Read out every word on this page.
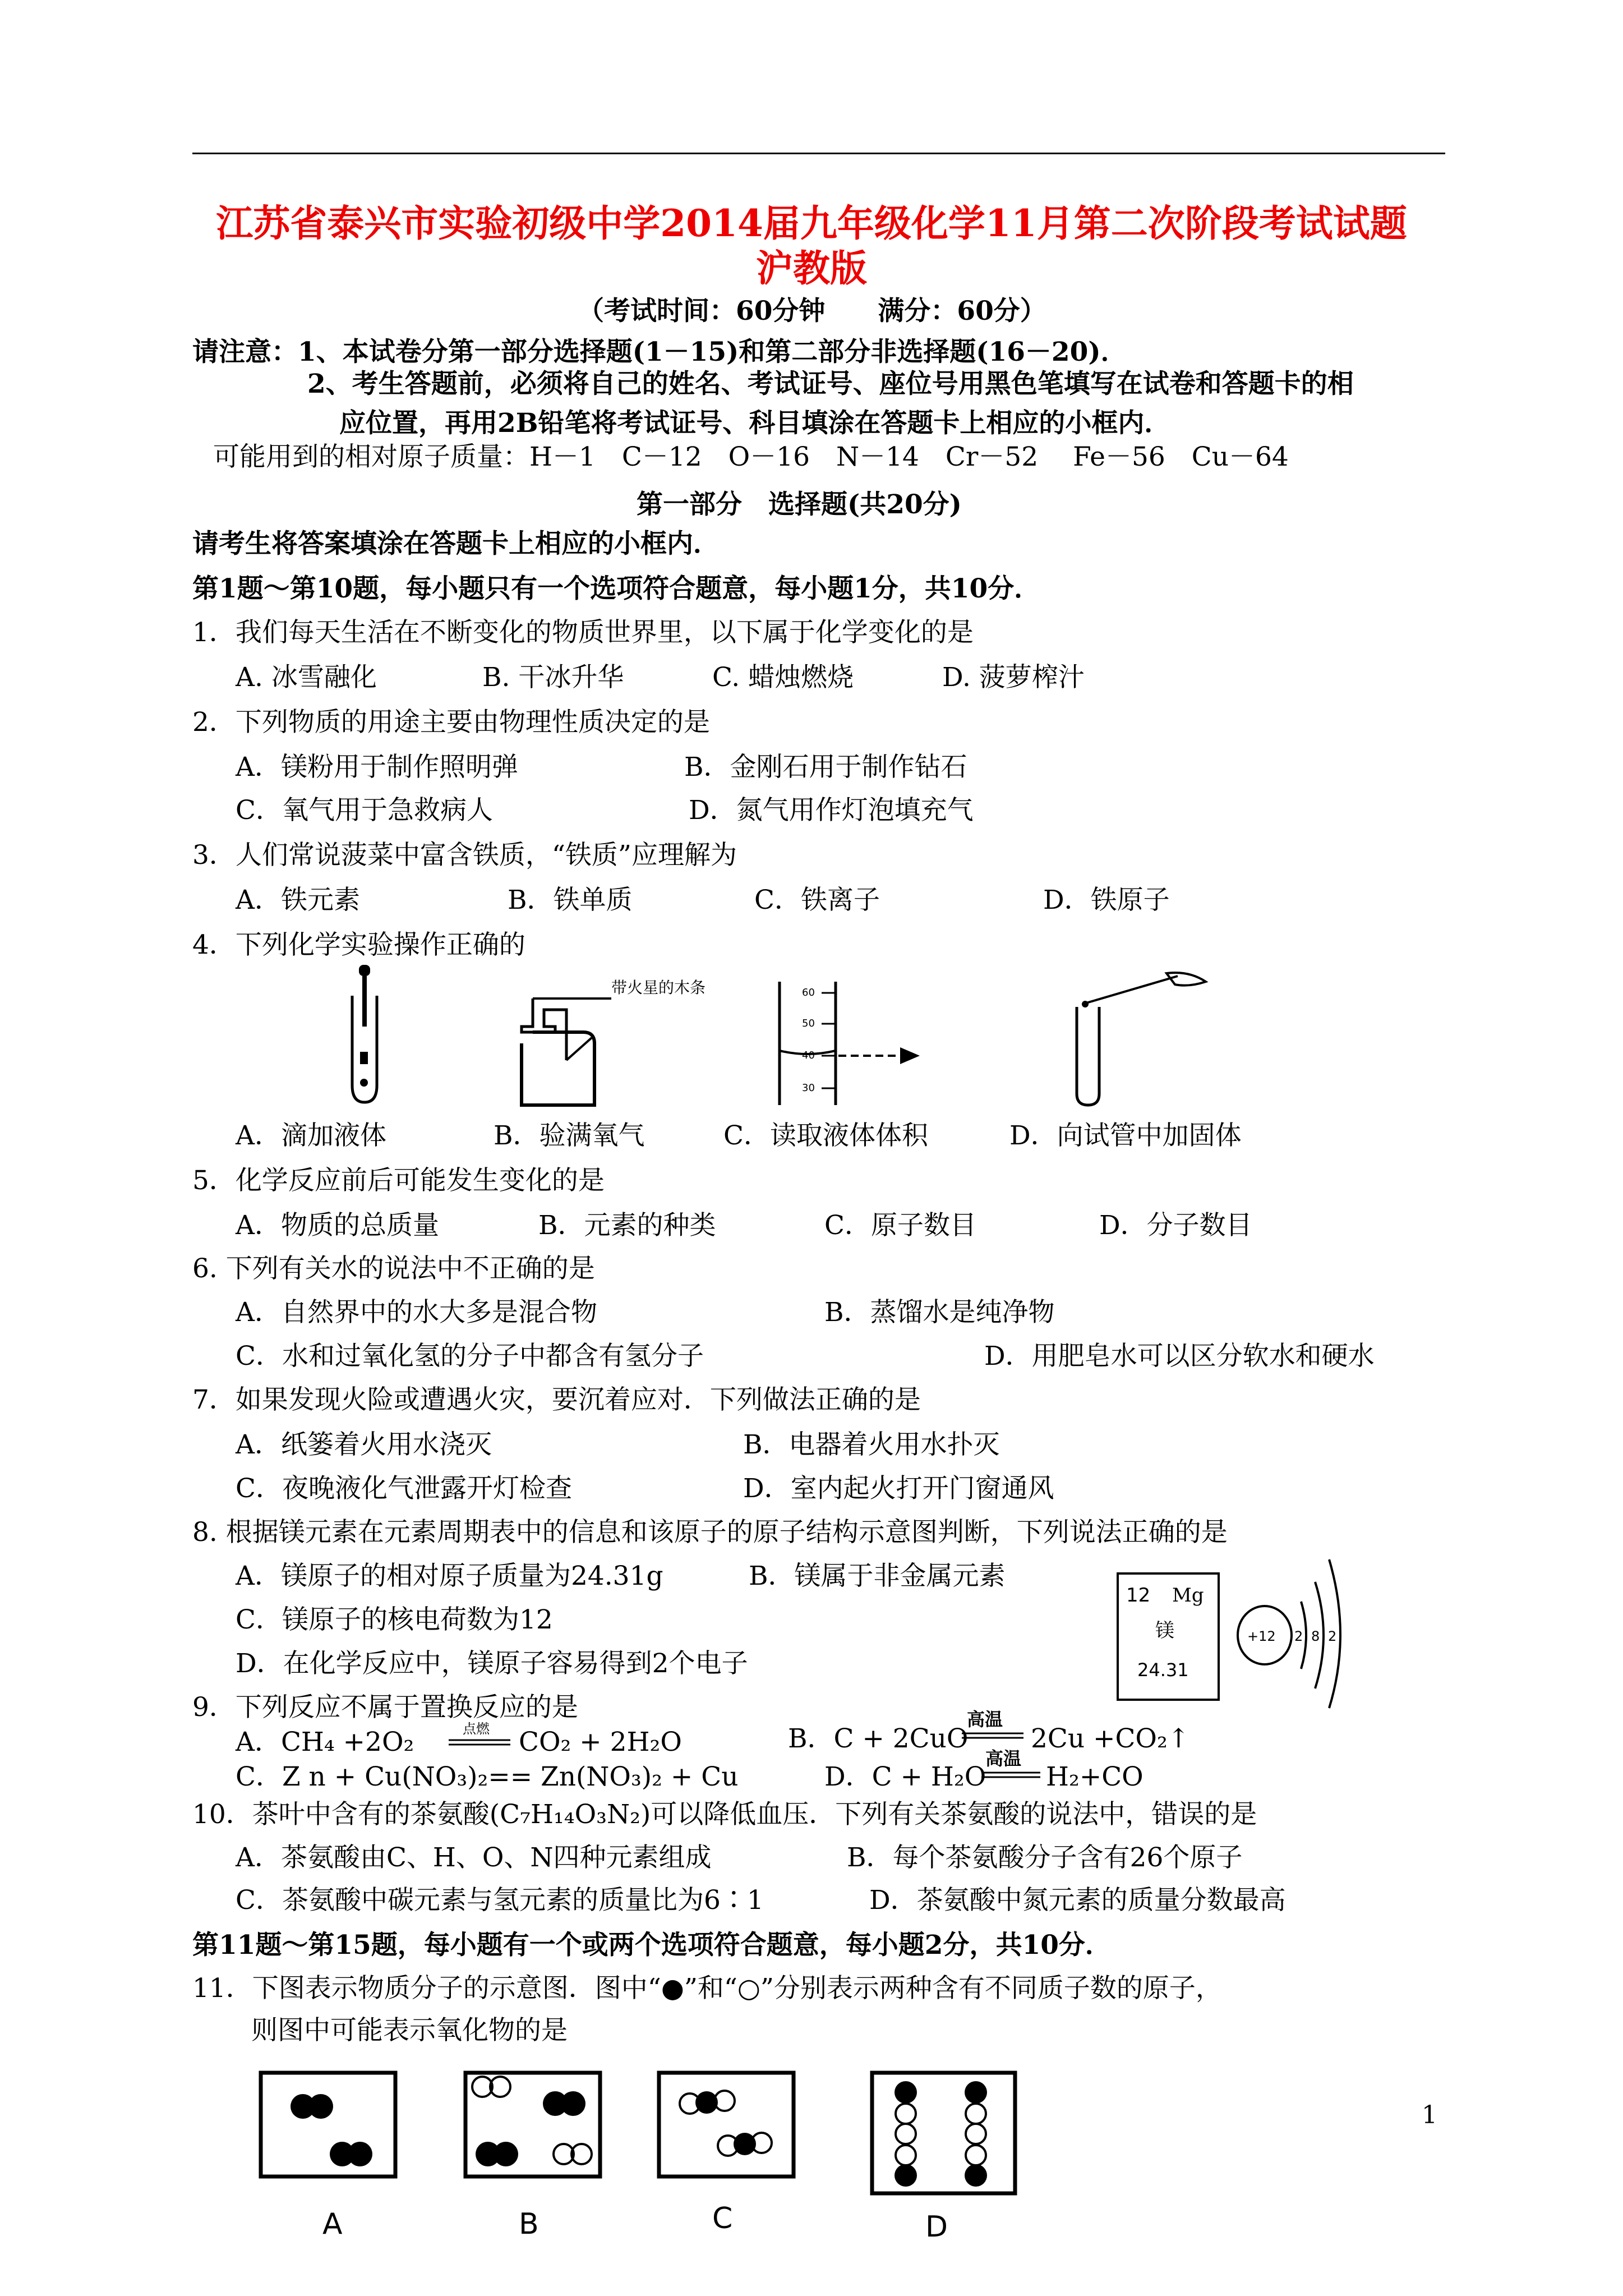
江苏省泰兴市实验初级中学2014届九年级化学11月第二次阶段考试试题
沪教版
（考试时间：60分钟　　满分：60分）
请注意：1、本试卷分第一部分选择题(1－15)和第二部分非选择题(16－20)．
2、考生答题前，必须将自己的姓名、考试证号、座位号用黑色笔填写在试卷和答题卡的相
应位置，再用2B铅笔将考试证号、科目填涂在答题卡上相应的小框内．
可能用到的相对原子质量：H－1　C－12　O－16　N－14　Cr－52　 Fe－56　Cu－64
第一部分　选择题(共20分)
请考生将答案填涂在答题卡上相应的小框内．
第1题～第10题，每小题只有一个选项符合题意，每小题1分，共10分．
1．我们每天生活在不断变化的物质世界里，以下属于化学变化的是
A. 冰雪融化	B. 干冰升华	C. 蜡烛燃烧	D. 菠萝榨汁
2．下列物质的用途主要由物理性质决定的是
A．镁粉用于制作照明弹	B．金刚石用于制作钻石
C．氧气用于急救病人	D．氮气用作灯泡填充气
3．人们常说菠菜中富含铁质，“铁质”应理解为
A．铁元素	B．铁单质	C．铁离子	D．铁原子
4．下列化学实验操作正确的
带火星的木条	60
50
40
30
A．滴加液体	B．验满氧气	C．读取液体体积	D．向试管中加固体
5．化学反应前后可能发生变化的是
A．物质的总质量	B．元素的种类	C．原子数目	D．分子数目
6. 下列有关水的说法中不正确的是
A．自然界中的水大多是混合物	B．蒸馏水是纯净物
C．水和过氧化氢的分子中都含有氢分子	D．用肥皂水可以区分软水和硬水
7．如果发现火险或遭遇火灾，要沉着应对．下列做法正确的是
A．纸篓着火用水浇灭	B．电器着火用水扑灭
C．夜晚液化气泄露开灯检查	D．室内起火打开门窗通风
8. 根据镁元素在元素周期表中的信息和该原子的原子结构示意图判断，下列说法正确的是
A．镁原子的相对原子质量为24.31g	B．镁属于非金属元素
C．镁原子的核电荷数为12
D．在化学反应中，镁原子容易得到2个电子
12 Mg
镁
24.31
+12 2 8 2
9．下列反应不属于置换反应的是
A．CH₄ +2O₂	点燃 CO₂ + 2H₂O	B．C + 2CuO
高温
2Cu +CO₂↑
C．Z n + Cu(NO₃)₂== Zn(NO₃)₂ + Cu	D．C + H₂O
高温
H₂+CO
10．茶叶中含有的茶氨酸(C₇H₁₄O₃N₂)可以降低血压．下列有关茶氨酸的说法中，错误的是
A．茶氨酸由C、H、O、N四种元素组成	B．每个茶氨酸分子含有26个原子
C．茶氨酸中碳元素与氢元素的质量比为6∶1	D．茶氨酸中氮元素的质量分数最高
第11题～第15题，每小题有一个或两个选项符合题意，每小题2分，共10分．
11．下图表示物质分子的示意图．图中“●”和“○”分别表示两种含有不同质子数的原子，
则图中可能表示氧化物的是
A	B	C	D
1
